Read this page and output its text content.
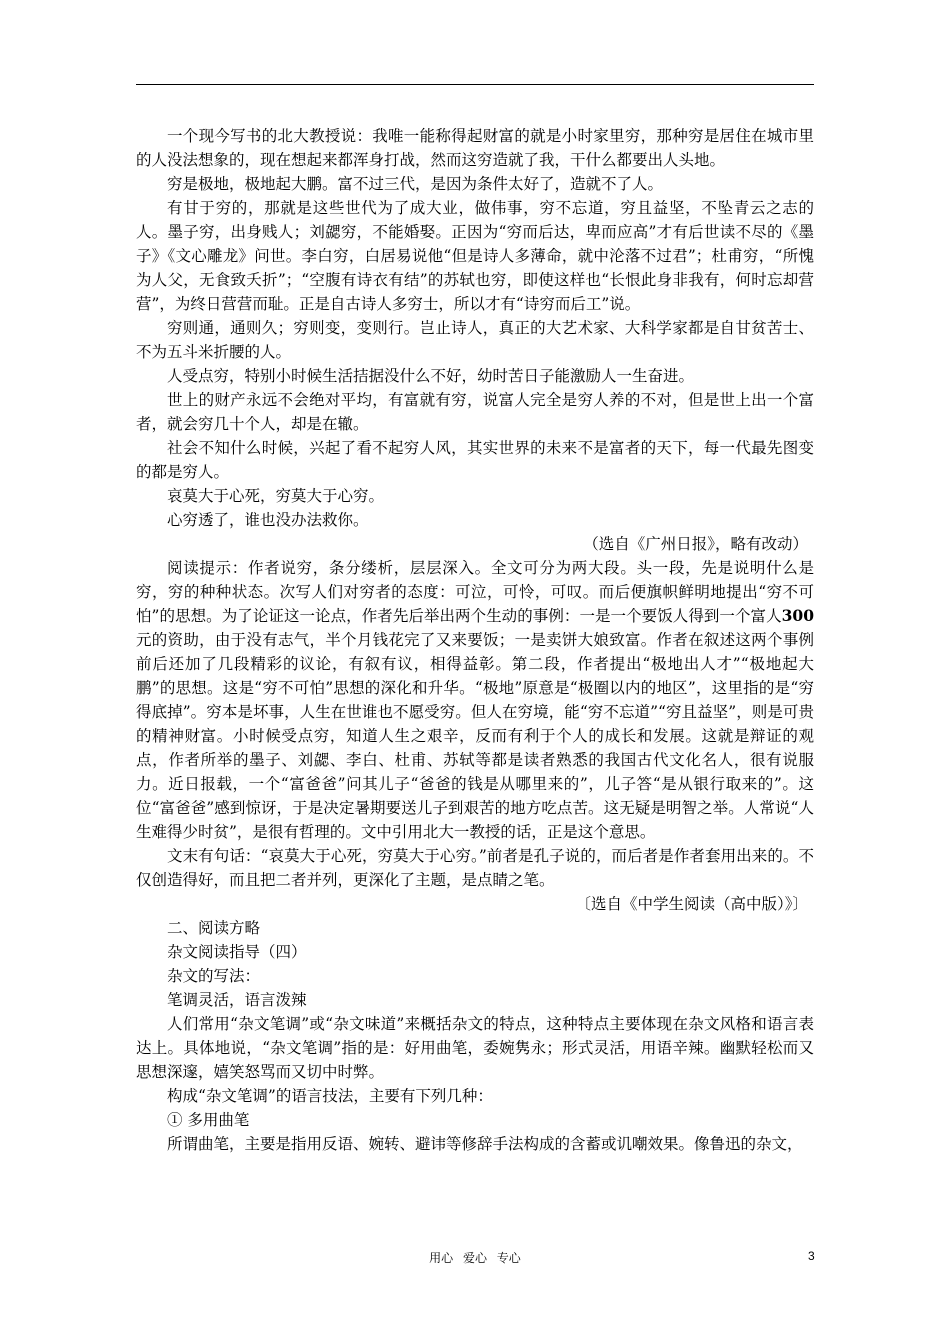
一个现今写书的北大教授说：我唯一能称得起财富的就是小时家里穷，那种穷是居住在城市里的人没法想象的，现在想起来都浑身打战，然而这穷造就了我，干什么都要出人头地。

穷是极地，极地起大鹏。富不过三代，是因为条件太好了，造就不了人。

有甘于穷的，那就是这些世代为了成大业，做伟事，穷不忘道，穷且益坚，不坠青云之志的人。墨子穷，出身贱人；刘勰穷，不能婚娶。正因为“穷而后达，卑而应高”才有后世读不尽的《墨子》《文心雕龙》问世。李白穷，白居易说他“但是诗人多薄命，就中沦落不过君”；杜甫穷，“所愧为人父，无食致夭折”；“空腹有诗衣有结”的苏轼也穷，即使这样也“长恨此身非我有，何时忘却营营”，为终日营营而耻。正是自古诗人多穷士，所以才有“诗穷而后工”说。

穷则通，通则久；穷则变，变则行。岂止诗人，真正的大艺术家、大科学家都是自甘贫苦士、不为五斗米折腰的人。

人受点穷，特别小时候生活拮据没什么不好，幼时苦日子能激励人一生奋进。

世上的财产永远不会绝对平均，有富就有穷，说富人完全是穷人养的不对，但是世上出一个富者，就会穷几十个人，却是在辙。

社会不知什么时候，兴起了看不起穷人风，其实世界的未来不是富者的天下，每一代最先图变的都是穷人。

哀莫大于心死，穷莫大于心穷。

心穷透了，谁也没办法救你。

（选自《广州日报》，略有改动）

阅读提示：作者说穷，条分缕析，层层深入。全文可分为两大段。头一段，先是说明什么是穷，穷的种种状态。次写人们对穷者的态度：可泣，可怜，可叹。而后便旗帜鲜明地提出“穷不可怕”的思想。为了论证这一论点，作者先后举出两个生动的事例：一是一个要饭人得到一个富人300元的资助，由于没有志气，半个月钱花完了又来要饭；一是卖饼大娘致富。作者在叙述这两个事例前后还加了几段精彩的议论，有叙有议，相得益彰。第二段，作者提出“极地出人才”“极地起大鹏”的思想。这是“穷不可怕”思想的深化和升华。“极地”原意是“极圈以内的地区”，这里指的是“穷得底掉”。穷本是坏事，人生在世谁也不愿受穷。但人在穷境，能“穷不忘道”“穷且益坚”，则是可贵的精神财富。小时候受点穷，知道人生之艰辛，反而有利于个人的成长和发展。这就是辩证的观点，作者所举的墨子、刘勰、李白、杜甫、苏轼等都是读者熟悉的我国古代文化名人，很有说服力。近日报载，一个“富爸爸”问其儿子“爸爸的钱是从哪里来的”，儿子答“是从银行取来的”。这位“富爸爸”感到惊讶，于是决定暑期要送儿子到艰苦的地方吃点苦。这无疑是明智之举。人常说“人生难得少时贫”，是很有哲理的。文中引用北大一教授的话，正是这个意思。

文末有句话：“哀莫大于心死，穷莫大于心穷。”前者是孔子说的，而后者是作者套用出来的。不仅创造得好，而且把二者并列，更深化了主题，是点睛之笔。

〔选自《中学生阅读（高中版）》〕

二、阅读方略

杂文阅读指导（四）

杂文的写法：

笔调灵活，语言泼辣

人们常用“杂文笔调”或“杂文味道”来概括杂文的特点，这种特点主要体现在杂文风格和语言表达上。具体地说，“杂文笔调”指的是：好用曲笔，委婉隽永；形式灵活，用语辛辣。幽默轻松而又思想深邃，嬉笑怒骂而又切中时弊。

构成“杂文笔调”的语言技法，主要有下列几种：

① 多用曲笔

所谓曲笔，主要是指用反语、婉转、避讳等修辞手法构成的含蓄或讥嘲效果。像鲁迅的杂文，

用心 爱心 专心	3
